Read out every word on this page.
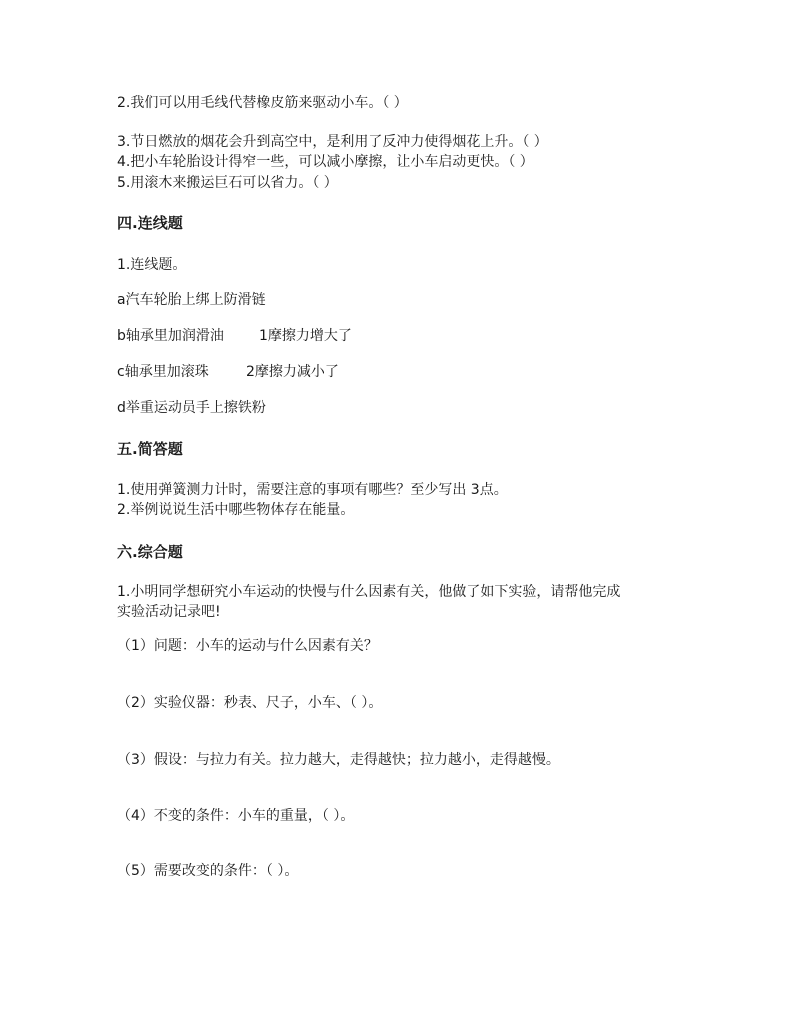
2.我们可以用毛线代替橡皮筋来驱动小车。（ ）
3.节日燃放的烟花会升到高空中，是利用了反冲力使得烟花上升。（ ）
4.把小车轮胎设计得窄一些，可以减小摩擦，让小车启动更快。（ ）
5.用滚木来搬运巨石可以省力。（ ）
四.连线题
1.连线题。
a汽车轮胎上绑上防滑链
b轴承里加润滑油	1摩擦力增大了
c轴承里加滚珠	2摩擦力减小了
d举重运动员手上擦铁粉
五.简答题
1.使用弹簧测力计时，需要注意的事项有哪些？至少写出 3点。
2.举例说说生活中哪些物体存在能量。
六.综合题
1.小明同学想研究小车运动的快慢与什么因素有关，他做了如下实验，请帮他完成
实验活动记录吧!
（1）问题：小车的运动与什么因素有关？
（2）实验仪器：秒表、尺子，小车、（ ）。
（3）假设：与拉力有关。拉力越大，走得越快；拉力越小，走得越慢。
（4）不变的条件：小车的重量，（ ）。
（5）需要改变的条件：（ ）。
